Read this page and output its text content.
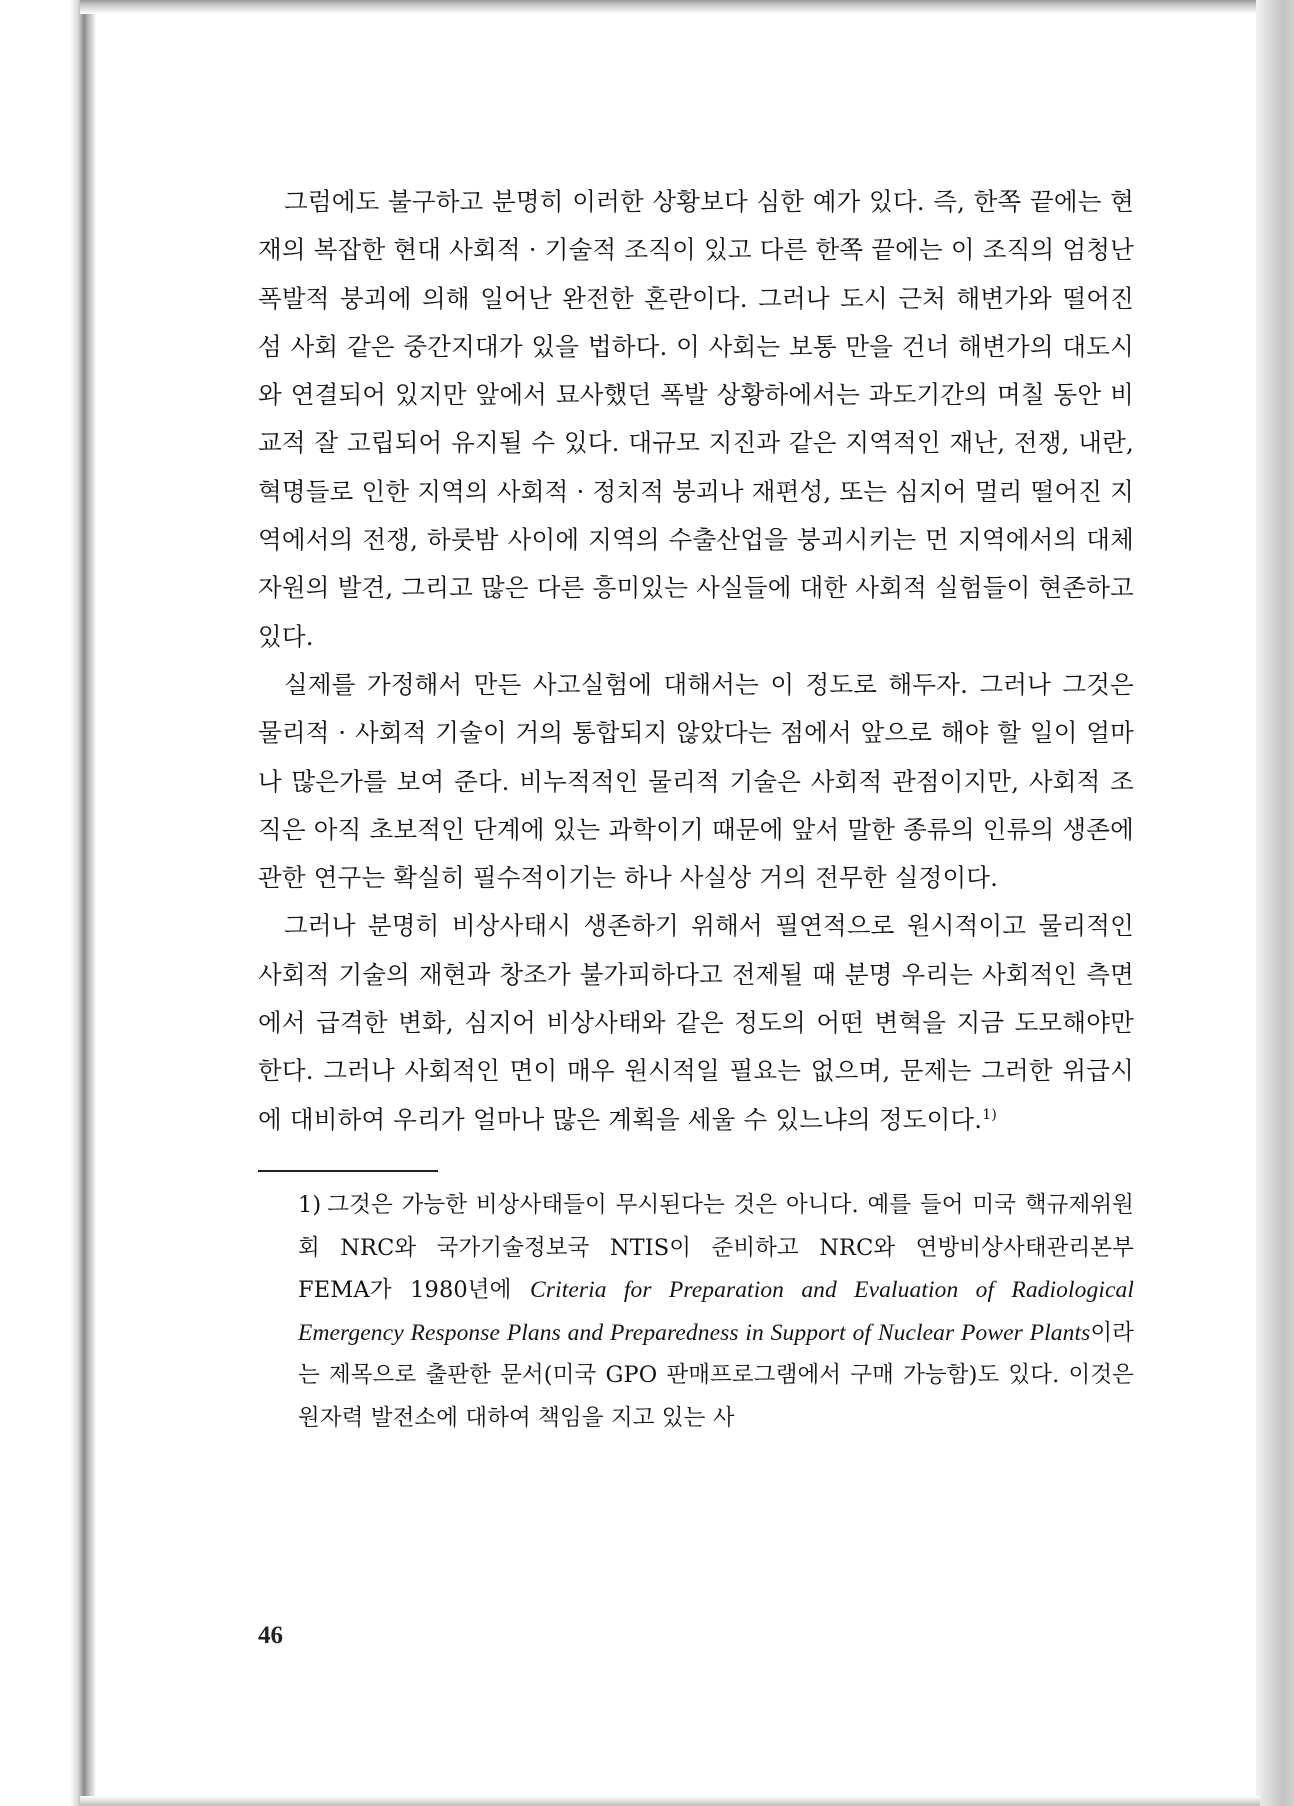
그럼에도 불구하고 분명히 이러한 상황보다 심한 예가 있다. 즉, 한쪽 끝에는 현재의 복잡한 현대 사회적 · 기술적 조직이 있고 다른 한쪽 끝에는 이 조직의 엄청난 폭발적 붕괴에 의해 일어난 완전한 혼란이다. 그러나 도시 근처 해변가와 떨어진 섬 사회 같은 중간지대가 있을 법하다. 이 사회는 보통 만을 건너 해변가의 대도시와 연결되어 있지만 앞에서 묘사했던 폭발 상황하에서는 과도기간의 며칠 동안 비교적 잘 고립되어 유지될 수 있다. 대규모 지진과 같은 지역적인 재난, 전쟁, 내란, 혁명들로 인한 지역의 사회적 · 정치적 붕괴나 재편성, 또는 심지어 멀리 떨어진 지역에서의 전쟁, 하룻밤 사이에 지역의 수출산업을 붕괴시키는 먼 지역에서의 대체자원의 발견, 그리고 많은 다른 흥미있는 사실들에 대한 사회적 실험들이 현존하고 있다.

실제를 가정해서 만든 사고실험에 대해서는 이 정도로 해두자. 그러나 그것은 물리적 · 사회적 기술이 거의 통합되지 않았다는 점에서 앞으로 해야 할 일이 얼마나 많은가를 보여 준다. 비누적적인 물리적 기술은 사회적 관점이지만, 사회적 조직은 아직 초보적인 단계에 있는 과학이기 때문에 앞서 말한 종류의 인류의 생존에 관한 연구는 확실히 필수적이기는 하나 사실상 거의 전무한 실정이다.

그러나 분명히 비상사태시 생존하기 위해서 필연적으로 원시적이고 물리적인 사회적 기술의 재현과 창조가 불가피하다고 전제될 때 분명 우리는 사회적인 측면에서 급격한 변화, 심지어 비상사태와 같은 정도의 어떤 변혁을 지금 도모해야만 한다. 그러나 사회적인 면이 매우 원시적일 필요는 없으며, 문제는 그러한 위급시에 대비하여 우리가 얼마나 많은 계획을 세울 수 있느냐의 정도이다.$^{1)}$

1) 그것은 가능한 비상사태들이 무시된다는 것은 아니다. 예를 들어 미국 핵규제위원회 NRC와 국가기술정보국 NTIS이 준비하고 NRC와 연방비상사태관리본부 FEMA가 1980년에 Criteria for Preparation and Evaluation of Radiological Emergency Response Plans and Preparedness in Support of Nuclear Power Plants이라는 제목으로 출판한 문서(미국 GPO 판매프로그램에서 구매 가능함)도 있다. 이것은 원자력 발전소에 대하여 책임을 지고 있는 사

46
